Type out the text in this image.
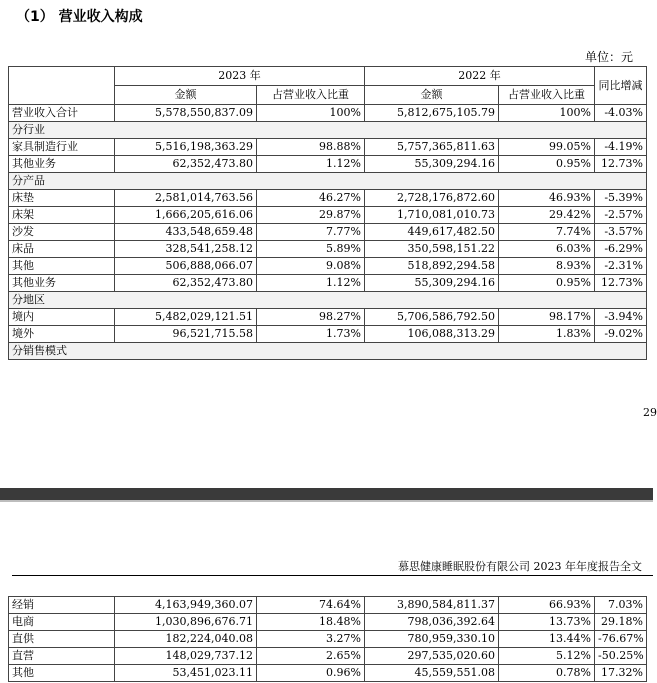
（1） 营业收入构成
单位：元
	2023 年		2022 年		同比增减
	金额	占营业收入比重	金额	占营业收入比重	
营业收入合计	5,578,550,837.09	100%	5,812,675,105.79	100%	-4.03%
分行业					
家具制造行业	5,516,198,363.29	98.88%	5,757,365,811.63	99.05%	-4.19%
其他业务	62,352,473.80	1.12%	55,309,294.16	0.95%	12.73%
分产品					
床垫	2,581,014,763.56	46.27%	2,728,176,872.60	46.93%	-5.39%
床架	1,666,205,616.06	29.87%	1,710,081,010.73	29.42%	-2.57%
沙发	433,548,659.48	7.77%	449,617,482.50	7.74%	-3.57%
床品	328,541,258.12	5.89%	350,598,151.22	6.03%	-6.29%
其他	506,888,066.07	9.08%	518,892,294.58	8.93%	-2.31%
其他业务	62,352,473.80	1.12%	55,309,294.16	0.95%	12.73%
分地区					
境内	5,482,029,121.51	98.27%	5,706,586,792.50	98.17%	-3.94%
境外	96,521,715.58	1.73%	106,088,313.29	1.83%	-9.02%
分销售模式					
29
慕思健康睡眠股份有限公司 2023 年年度报告全文
经销	4,163,949,360.07	74.64%	3,890,584,811.37	66.93%	7.03%
电商	1,030,896,676.71	18.48%	798,036,392.64	13.73%	29.18%
直供	182,224,040.08	3.27%	780,959,330.10	13.44%	-76.67%
直营	148,029,737.12	2.65%	297,535,020.60	5.12%	-50.25%
其他	53,451,023.11	0.96%	45,559,551.08	0.78%	17.32%
